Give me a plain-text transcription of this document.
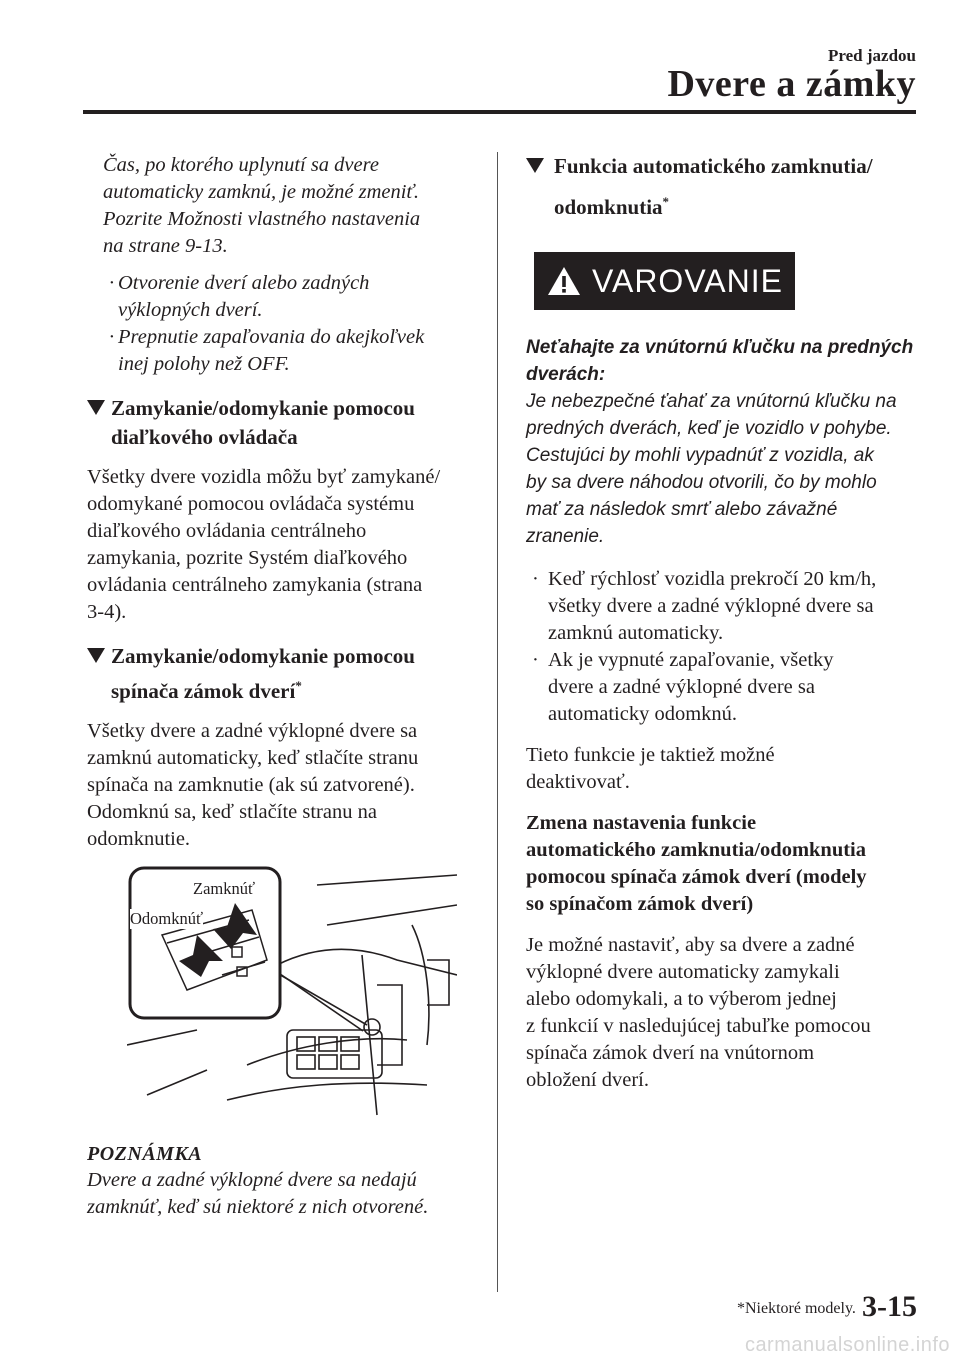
Pred jazdou
Dvere a zámky
Čas, po ktorého uplynutí sa dvere
automaticky zamknú, je možné zmeniť.
Pozrite Možnosti vlastného nastavenia
na strane 9-13.
· Otvorenie dverí alebo zadných
výklopných dverí.
· Prepnutie zapaľovania do akejkoľvek
inej polohy než OFF.
Zamykanie/odomykanie pomocou
diaľkového ovládača
Všetky dvere vozidla môžu byť zamykané/
odomykané pomocou ovládača systému
diaľkového ovládania centrálneho
zamykania, pozrite Systém diaľkového
ovládania centrálneho zamykania (strana
3-4).
Zamykanie/odomykanie pomocou
spínača zámok dverí*
Všetky dvere a zadné výklopné dvere sa
zamknú automaticky, keď stlačíte stranu
spínača na zamknutie (ak sú zatvorené).
Odomknú sa, keď stlačíte stranu na
odomknutie.
Zamknúť
Odomknúť
POZNÁMKA
Dvere a zadné výklopné dvere sa nedajú
zamknúť, keď sú niektoré z nich otvorené.
Funkcia automatického zamknutia/
odomknutia*
VAROVANIE
Neťahajte za vnútornú kľučku na predných
dverách:
Je nebezpečné ťahať za vnútornú kľučku na
predných dverách, keď je vozidlo v pohybe.
Cestujúci by mohli vypadnúť z vozidla, ak
by sa dvere náhodou otvorili, čo by mohlo
mať za následok smrť alebo závažné
zranenie.
· Keď rýchlosť vozidla prekročí 20 km/h,
všetky dvere a zadné výklopné dvere sa
zamknú automaticky.
· Ak je vypnuté zapaľovanie, všetky
dvere a zadné výklopné dvere sa
automaticky odomknú.
Tieto funkcie je taktiež možné
deaktivovať.
Zmena nastavenia funkcie
automatického zamknutia/odomknutia
pomocou spínača zámok dverí (modely
so spínačom zámok dverí)
Je možné nastaviť, aby sa dvere a zadné
výklopné dvere automaticky zamykali
alebo odomykali, a to výberom jednej
z funkcií v nasledujúcej tabuľke pomocou
spínača zámok dverí na vnútornom
obložení dverí.
*Niektoré modely. 3-15
carmanualsonline.info
